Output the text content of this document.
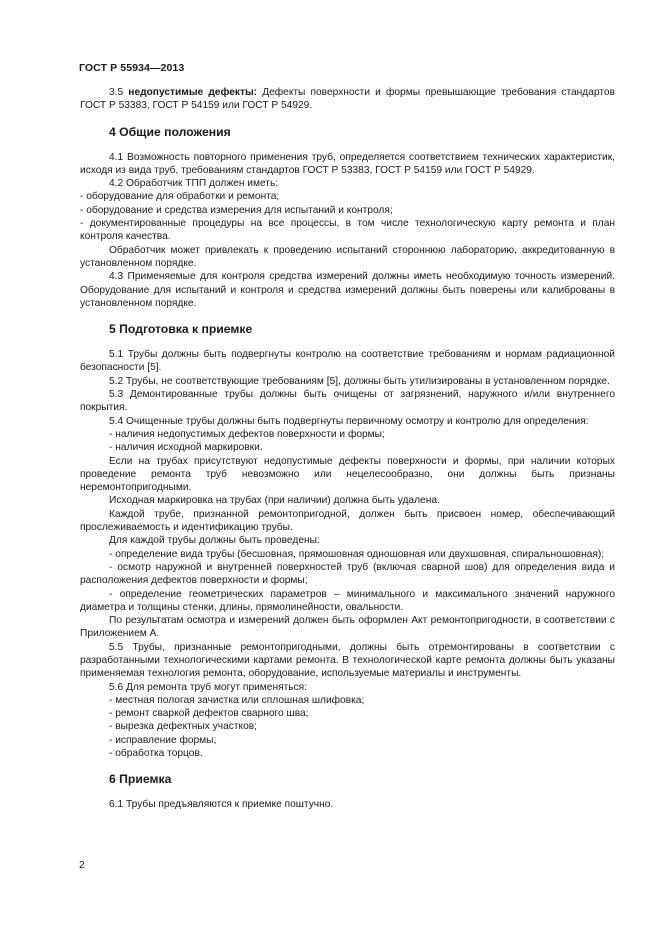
ГОСТ Р 55934—2013

3.5 недопустимые дефекты: Дефекты поверхности и формы превышающие требования стандартов ГОСТ Р 53383, ГОСТ Р 54159 или ГОСТ Р 54929.

4 Общие положения

4.1 Возможность повторного применения труб, определяется соответствием технических характеристик, исходя из вида труб, требованиям стандартов ГОСТ Р 53383, ГОСТ Р 54159 или ГОСТ Р 54929.

4.2 Обработчик ТПП должен иметь:

- оборудование для обработки и ремонта;

- оборудование и средства измерения для испытаний и контроля;

- документированные процедуры на все процессы, в том числе технологическую карту ремонта и план контроля качества.

Обработчик может привлекать к проведению испытаний стороннюю лабораторию, аккредитованную в установленном порядке.

4.3 Применяемые для контроля средства измерений должны иметь необходимую точность измерений. Оборудование для испытаний и контроля и средства измерений должны быть поверены или калиброваны в установленном порядке.

5 Подготовка к приемке

5.1 Трубы должны быть подвергнуты контролю на соответствие требованиям и нормам радиационной безопасности [5].

5.2 Трубы, не соответствующие требованиям [5], должны быть утилизированы в установленном порядке.

5.3 Демонтированные трубы должны быть очищены от загрязнений, наружного и/или внутреннего покрытия.

5.4 Очищенные трубы должны быть подвергнуты первичному осмотру и контролю для определения:

- наличия недопустимых дефектов поверхности и формы;

- наличия исходной маркировки.

Если на трубах присутствуют недопустимые дефекты поверхности и формы, при наличии которых проведение ремонта труб невозможно или нецелесообразно, они должны быть признаны неремонтопригодными.

Исходная маркировка на трубах (при наличии) должна быть удалена.

Каждой трубе, признанной ремонтопригодной, должен быть присвоен номер, обеспечивающий прослеживаемость и идентификацию трубы.

Для каждой трубы должны быть проведены:

- определение вида трубы (бесшовная, прямошовная одношовная или двухшовная, спиральношовная);

- осмотр наружной и внутренней поверхностей труб (включая сварной шов) для определения вида и расположения дефектов поверхности и формы;

- определение геометрических параметров – минимального и максимального значений наружного диаметра и толщины стенки, длины, прямолинейности, овальности.

По результатам осмотра и измерений должен быть оформлен Акт ремонтопригодности, в соответствии с Приложением А.

5.5 Трубы, признанные ремонтопригодными, должны быть отремонтированы в соответствии с разработанными технологическими картами ремонта. В технологической карте ремонта должны быть указаны применяемая технология ремонта, оборудование, используемые материалы и инструменты.

5.6 Для ремонта труб могут применяться:

- местная пологая зачистка или сплошная шлифовка;

- ремонт сваркой дефектов сварного шва;

- вырезка дефектных участков;

- исправление формы;

- обработка торцов.

6 Приемка

6.1 Трубы предъявляются к приемке поштучно.

2
